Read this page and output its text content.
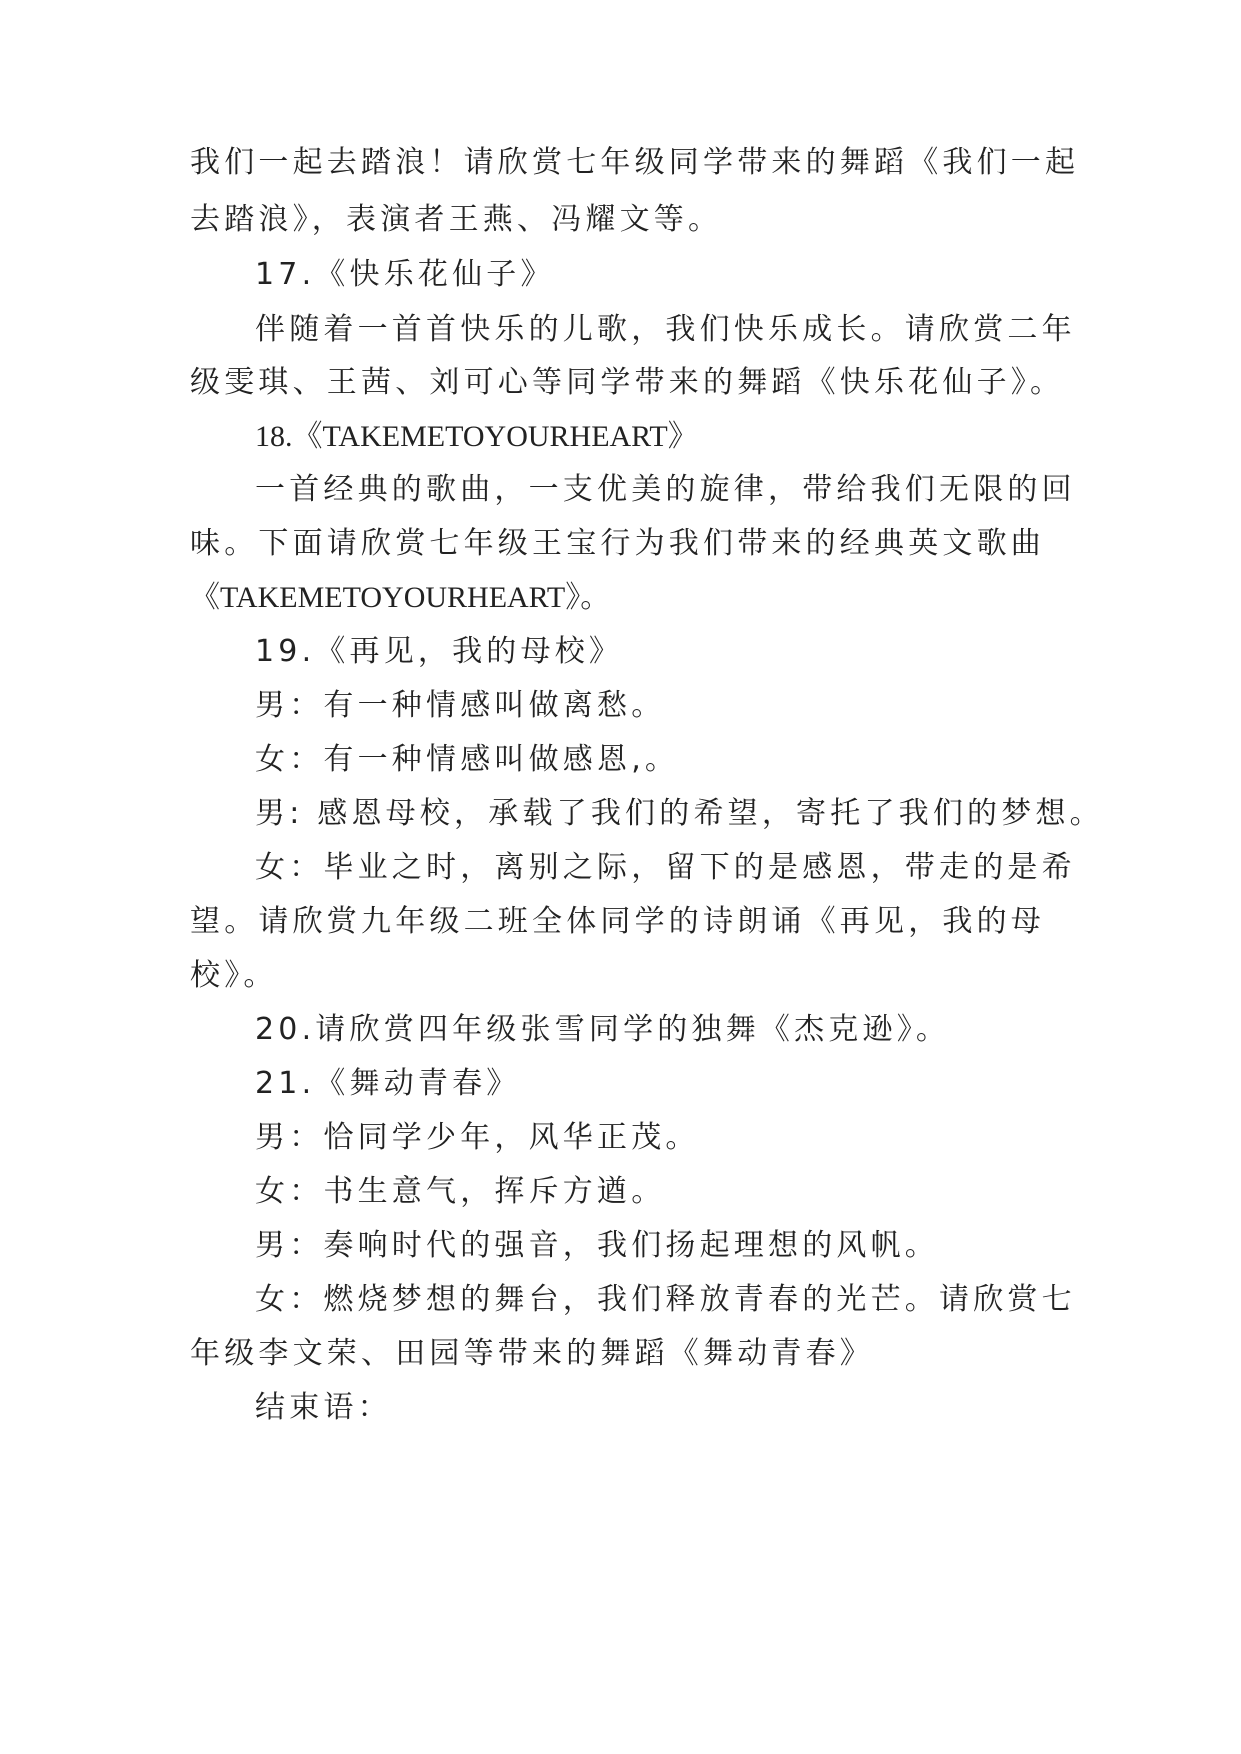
我们一起去踏浪！请欣赏七年级同学带来的舞蹈《我们一起
去踏浪》，表演者王燕、冯耀文等。
17.《快乐花仙子》
伴随着一首首快乐的儿歌，我们快乐成长。请欣赏二年
级雯琪、王茜、刘可心等同学带来的舞蹈《快乐花仙子》。
18.《TAKEMETOYOURHEART》
一首经典的歌曲，一支优美的旋律，带给我们无限的回
味。下面请欣赏七年级王宝行为我们带来的经典英文歌曲
《TAKEMETOYOURHEART》。
19.《再见，我的母校》
男：有一种情感叫做离愁。
女：有一种情感叫做感恩,。
男: 感恩母校，承载了我们的希望，寄托了我们的梦想。
女：毕业之时，离别之际，留下的是感恩，带走的是希
望。请欣赏九年级二班全体同学的诗朗诵《再见，我的母
校》。
20.请欣赏四年级张雪同学的独舞《杰克逊》。
21.《舞动青春》
男：恰同学少年，风华正茂。
女：书生意气，挥斥方遒。
男：奏响时代的强音，我们扬起理想的风帆。
女：燃烧梦想的舞台，我们释放青春的光芒。请欣赏七
年级李文荣、田园等带来的舞蹈《舞动青春》
结束语：
